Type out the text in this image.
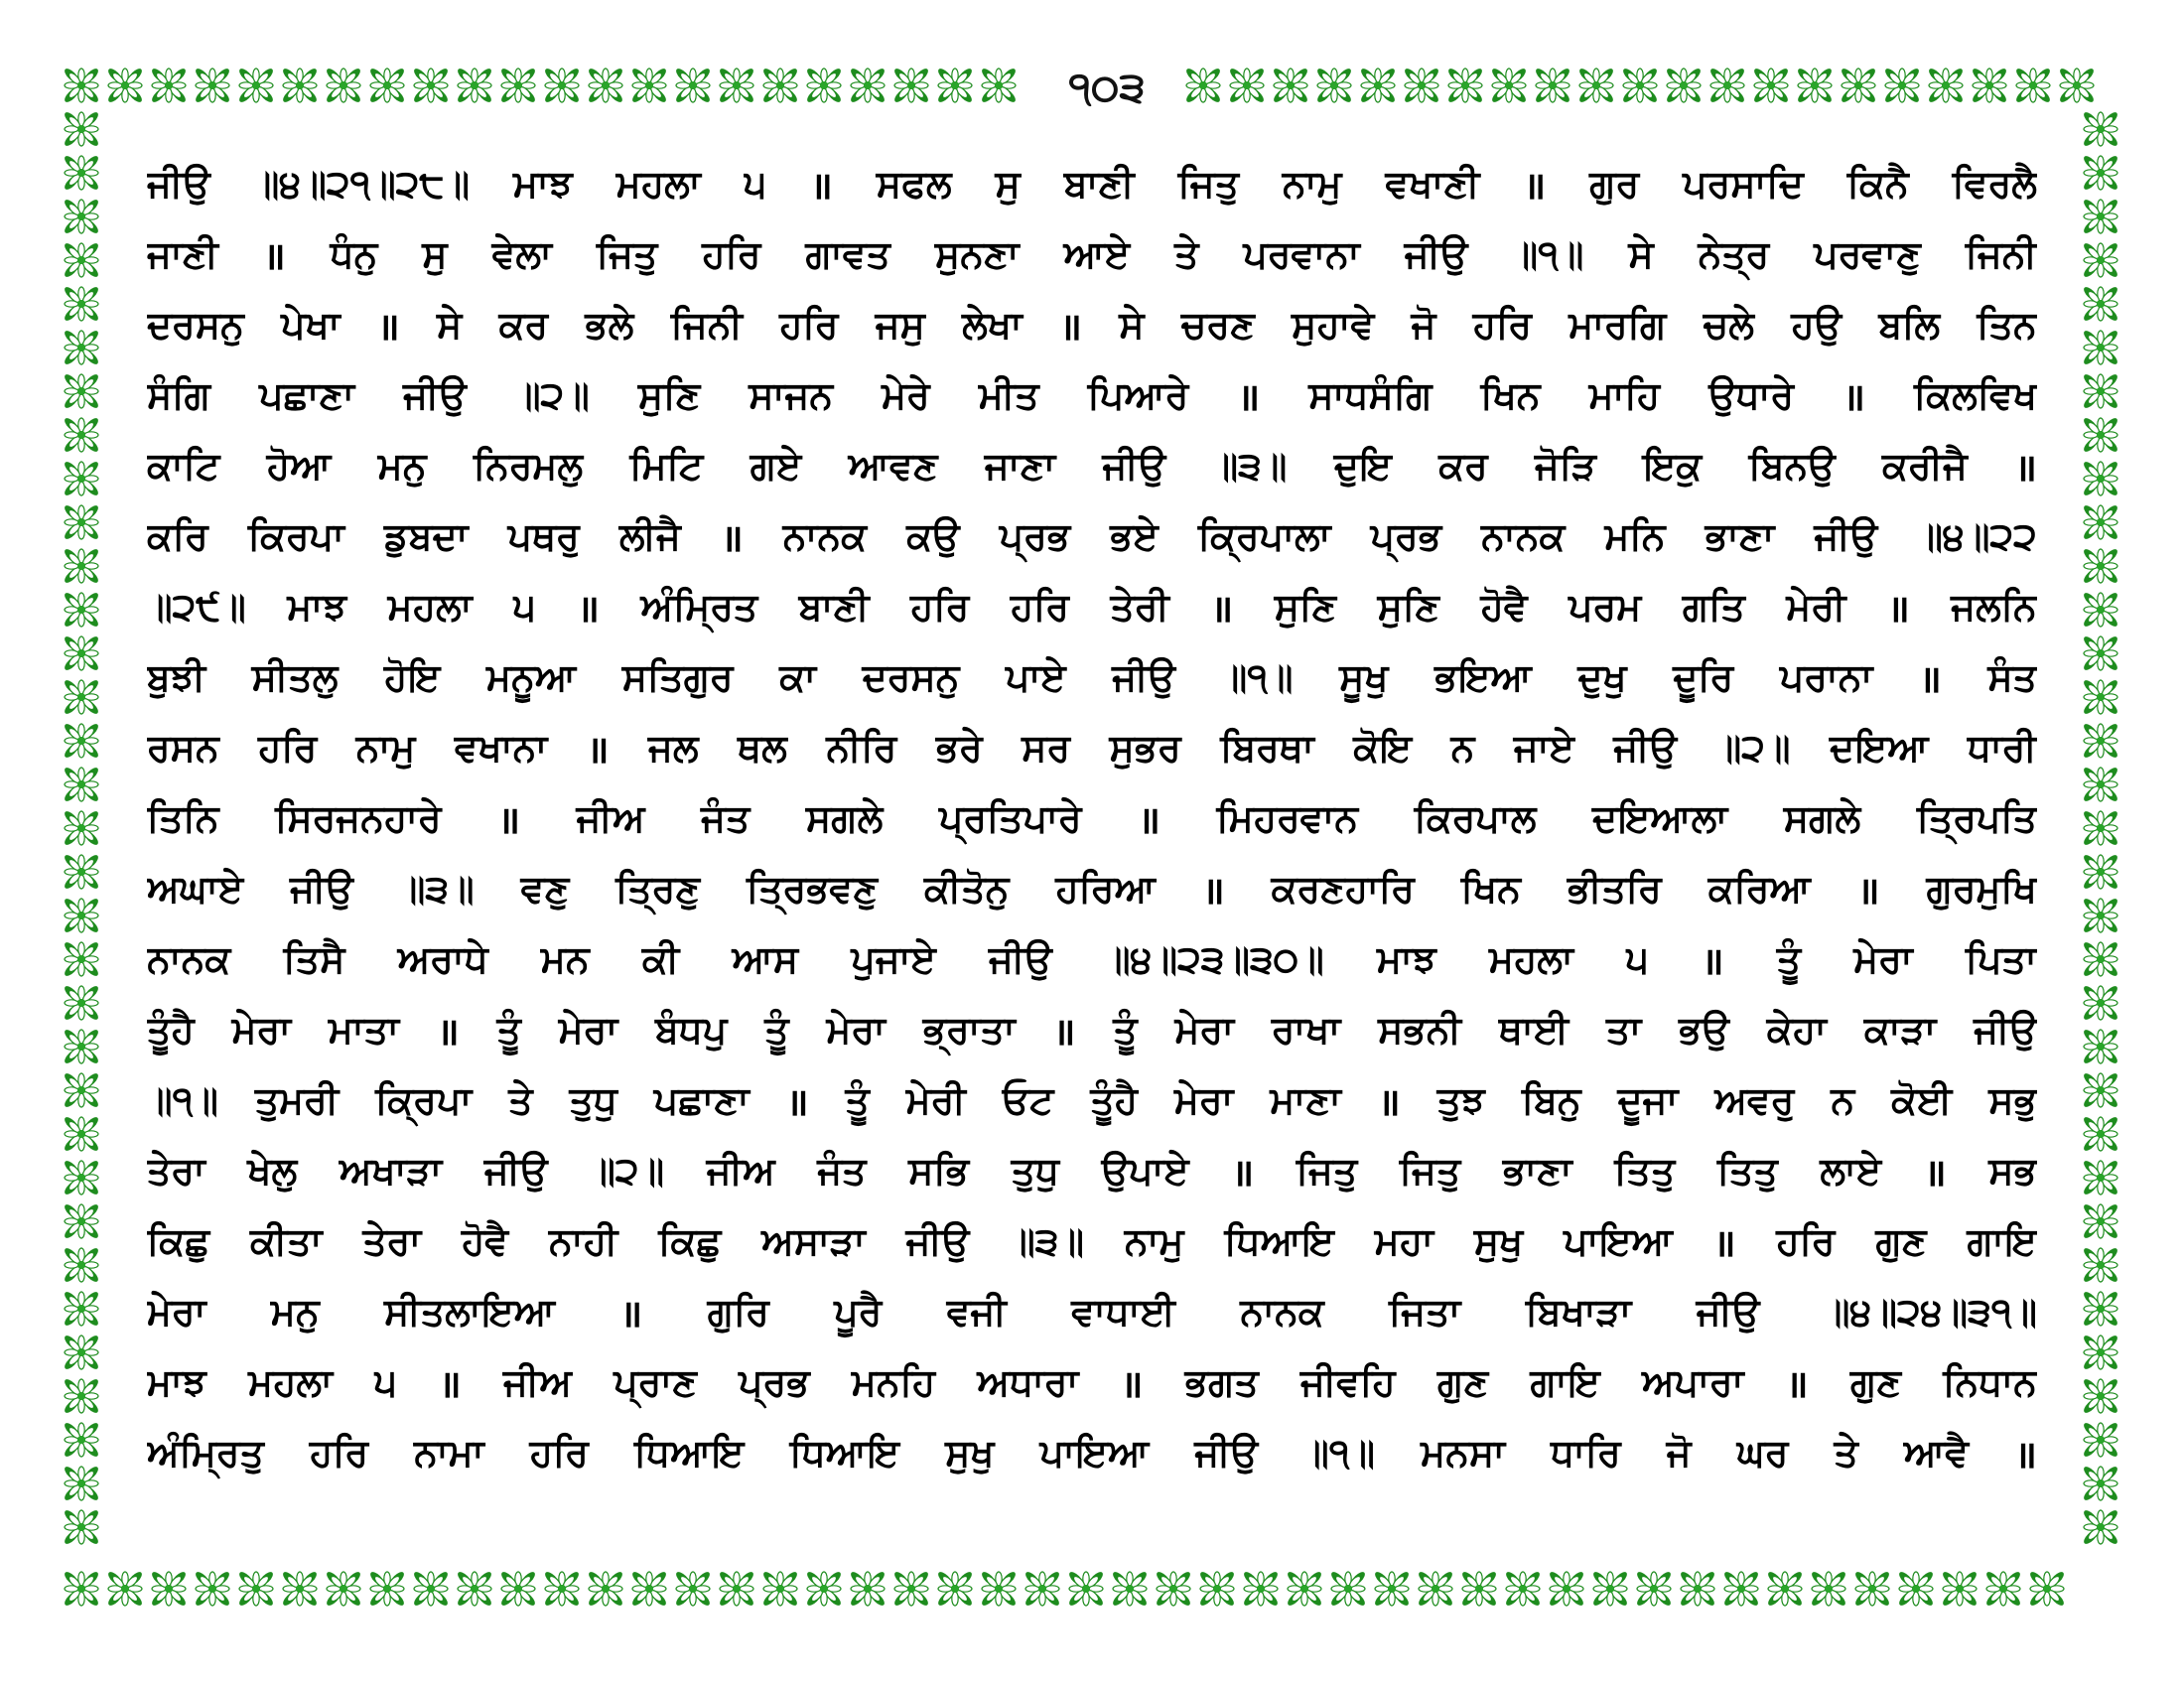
੧੦੩
ਜੀਉ ॥੪॥੨੧॥੨੮॥ ਮਾਝ ਮਹਲਾ ੫ ॥ ਸਫਲ ਸੁ ਬਾਣੀ ਜਿਤੁ ਨਾਮੁ ਵਖਾਣੀ ॥ ਗੁਰ ਪਰਸਾਦਿ ਕਿਨੈ ਵਿਰਲੈ
ਜਾਣੀ ॥ ਧੰਨੁ ਸੁ ਵੇਲਾ ਜਿਤੁ ਹਰਿ ਗਾਵਤ ਸੁਨਣਾ ਆਏ ਤੇ ਪਰਵਾਨਾ ਜੀਉ ॥੧॥ ਸੇ ਨੇਤ੍ਰ ਪਰਵਾਣੁ ਜਿਨੀ
ਦਰਸਨੁ ਪੇਖਾ ॥ ਸੇ ਕਰ ਭਲੇ ਜਿਨੀ ਹਰਿ ਜਸੁ ਲੇਖਾ ॥ ਸੇ ਚਰਣ ਸੁਹਾਵੇ ਜੋ ਹਰਿ ਮਾਰਗਿ ਚਲੇ ਹਉ ਬਲਿ ਤਿਨ
ਸੰਗਿ ਪਛਾਣਾ ਜੀਉ ॥੨॥ ਸੁਣਿ ਸਾਜਨ ਮੇਰੇ ਮੀਤ ਪਿਆਰੇ ॥ ਸਾਧਸੰਗਿ ਖਿਨ ਮਾਹਿ ਉਧਾਰੇ ॥ ਕਿਲਵਿਖ
ਕਾਟਿ ਹੋਆ ਮਨੁ ਨਿਰਮਲੁ ਮਿਟਿ ਗਏ ਆਵਣ ਜਾਣਾ ਜੀਉ ॥੩॥ ਦੁਇ ਕਰ ਜੋੜਿ ਇਕੁ ਬਿਨਉ ਕਰੀਜੈ ॥
ਕਰਿ ਕਿਰਪਾ ਡੁਬਦਾ ਪਥਰੁ ਲੀਜੈ ॥ ਨਾਨਕ ਕਉ ਪ੍ਰਭ ਭਏ ਕ੍ਰਿਪਾਲਾ ਪ੍ਰਭ ਨਾਨਕ ਮਨਿ ਭਾਣਾ ਜੀਉ ॥੪॥੨੨
॥੨੯॥ ਮਾਝ ਮਹਲਾ ੫ ॥ ਅੰਮ੍ਰਿਤ ਬਾਣੀ ਹਰਿ ਹਰਿ ਤੇਰੀ ॥ ਸੁਣਿ ਸੁਣਿ ਹੋਵੈ ਪਰਮ ਗਤਿ ਮੇਰੀ ॥ ਜਲਨਿ
ਬੁਝੀ ਸੀਤਲੁ ਹੋਇ ਮਨੂਆ ਸਤਿਗੁਰ ਕਾ ਦਰਸਨੁ ਪਾਏ ਜੀਉ ॥੧॥ ਸੂਖੁ ਭਇਆ ਦੁਖੁ ਦੂਰਿ ਪਰਾਨਾ ॥ ਸੰਤ
ਰਸਨ ਹਰਿ ਨਾਮੁ ਵਖਾਨਾ ॥ ਜਲ ਥਲ ਨੀਰਿ ਭਰੇ ਸਰ ਸੁਭਰ ਬਿਰਥਾ ਕੋਇ ਨ ਜਾਏ ਜੀਉ ॥੨॥ ਦਇਆ ਧਾਰੀ
ਤਿਨਿ ਸਿਰਜਨਹਾਰੇ ॥ ਜੀਅ ਜੰਤ ਸਗਲੇ ਪ੍ਰਤਿਪਾਰੇ ॥ ਮਿਹਰਵਾਨ ਕਿਰਪਾਲ ਦਇਆਲਾ ਸਗਲੇ ਤ੍ਰਿਪਤਿ
ਅਘਾਏ ਜੀਉ ॥੩॥ ਵਣੁ ਤ੍ਰਿਣੁ ਤ੍ਰਿਭਵਣੁ ਕੀਤੋਨੁ ਹਰਿਆ ॥ ਕਰਣਹਾਰਿ ਖਿਨ ਭੀਤਰਿ ਕਰਿਆ ॥ ਗੁਰਮੁਖਿ
ਨਾਨਕ ਤਿਸੈ ਅਰਾਧੇ ਮਨ ਕੀ ਆਸ ਪੁਜਾਏ ਜੀਉ ॥੪॥੨੩॥੩੦॥ ਮਾਝ ਮਹਲਾ ੫ ॥ ਤੂੰ ਮੇਰਾ ਪਿਤਾ
ਤੂੰਹੈ ਮੇਰਾ ਮਾਤਾ ॥ ਤੂੰ ਮੇਰਾ ਬੰਧਪੁ ਤੂੰ ਮੇਰਾ ਭ੍ਰਾਤਾ ॥ ਤੂੰ ਮੇਰਾ ਰਾਖਾ ਸਭਨੀ ਥਾਈ ਤਾ ਭਉ ਕੇਹਾ ਕਾੜਾ ਜੀਉ
॥੧॥ ਤੁਮਰੀ ਕ੍ਰਿਪਾ ਤੇ ਤੁਧੁ ਪਛਾਣਾ ॥ ਤੂੰ ਮੇਰੀ ਓਟ ਤੂੰਹੈ ਮੇਰਾ ਮਾਣਾ ॥ ਤੁਝ ਬਿਨੁ ਦੂਜਾ ਅਵਰੁ ਨ ਕੋਈ ਸਭੁ
ਤੇਰਾ ਖੇਲੁ ਅਖਾੜਾ ਜੀਉ ॥੨॥ ਜੀਅ ਜੰਤ ਸਭਿ ਤੁਧੁ ਉਪਾਏ ॥ ਜਿਤੁ ਜਿਤੁ ਭਾਣਾ ਤਿਤੁ ਤਿਤੁ ਲਾਏ ॥ ਸਭ
ਕਿਛੁ ਕੀਤਾ ਤੇਰਾ ਹੋਵੈ ਨਾਹੀ ਕਿਛੁ ਅਸਾੜਾ ਜੀਉ ॥੩॥ ਨਾਮੁ ਧਿਆਇ ਮਹਾ ਸੁਖੁ ਪਾਇਆ ॥ ਹਰਿ ਗੁਣ ਗਾਇ
ਮੇਰਾ ਮਨੁ ਸੀਤਲਾਇਆ ॥ ਗੁਰਿ ਪੂਰੈ ਵਜੀ ਵਾਧਾਈ ਨਾਨਕ ਜਿਤਾ ਬਿਖਾੜਾ ਜੀਉ ॥੪॥੨੪॥੩੧॥
ਮਾਝ ਮਹਲਾ ੫ ॥ ਜੀਅ ਪ੍ਰਾਣ ਪ੍ਰਭ ਮਨਹਿ ਅਧਾਰਾ ॥ ਭਗਤ ਜੀਵਹਿ ਗੁਣ ਗਾਇ ਅਪਾਰਾ ॥ ਗੁਣ ਨਿਧਾਨ
ਅੰਮ੍ਰਿਤੁ ਹਰਿ ਨਾਮਾ ਹਰਿ ਧਿਆਇ ਧਿਆਇ ਸੁਖੁ ਪਾਇਆ ਜੀਉ ॥੧॥ ਮਨਸਾ ਧਾਰਿ ਜੋ ਘਰ ਤੇ ਆਵੈ ॥
